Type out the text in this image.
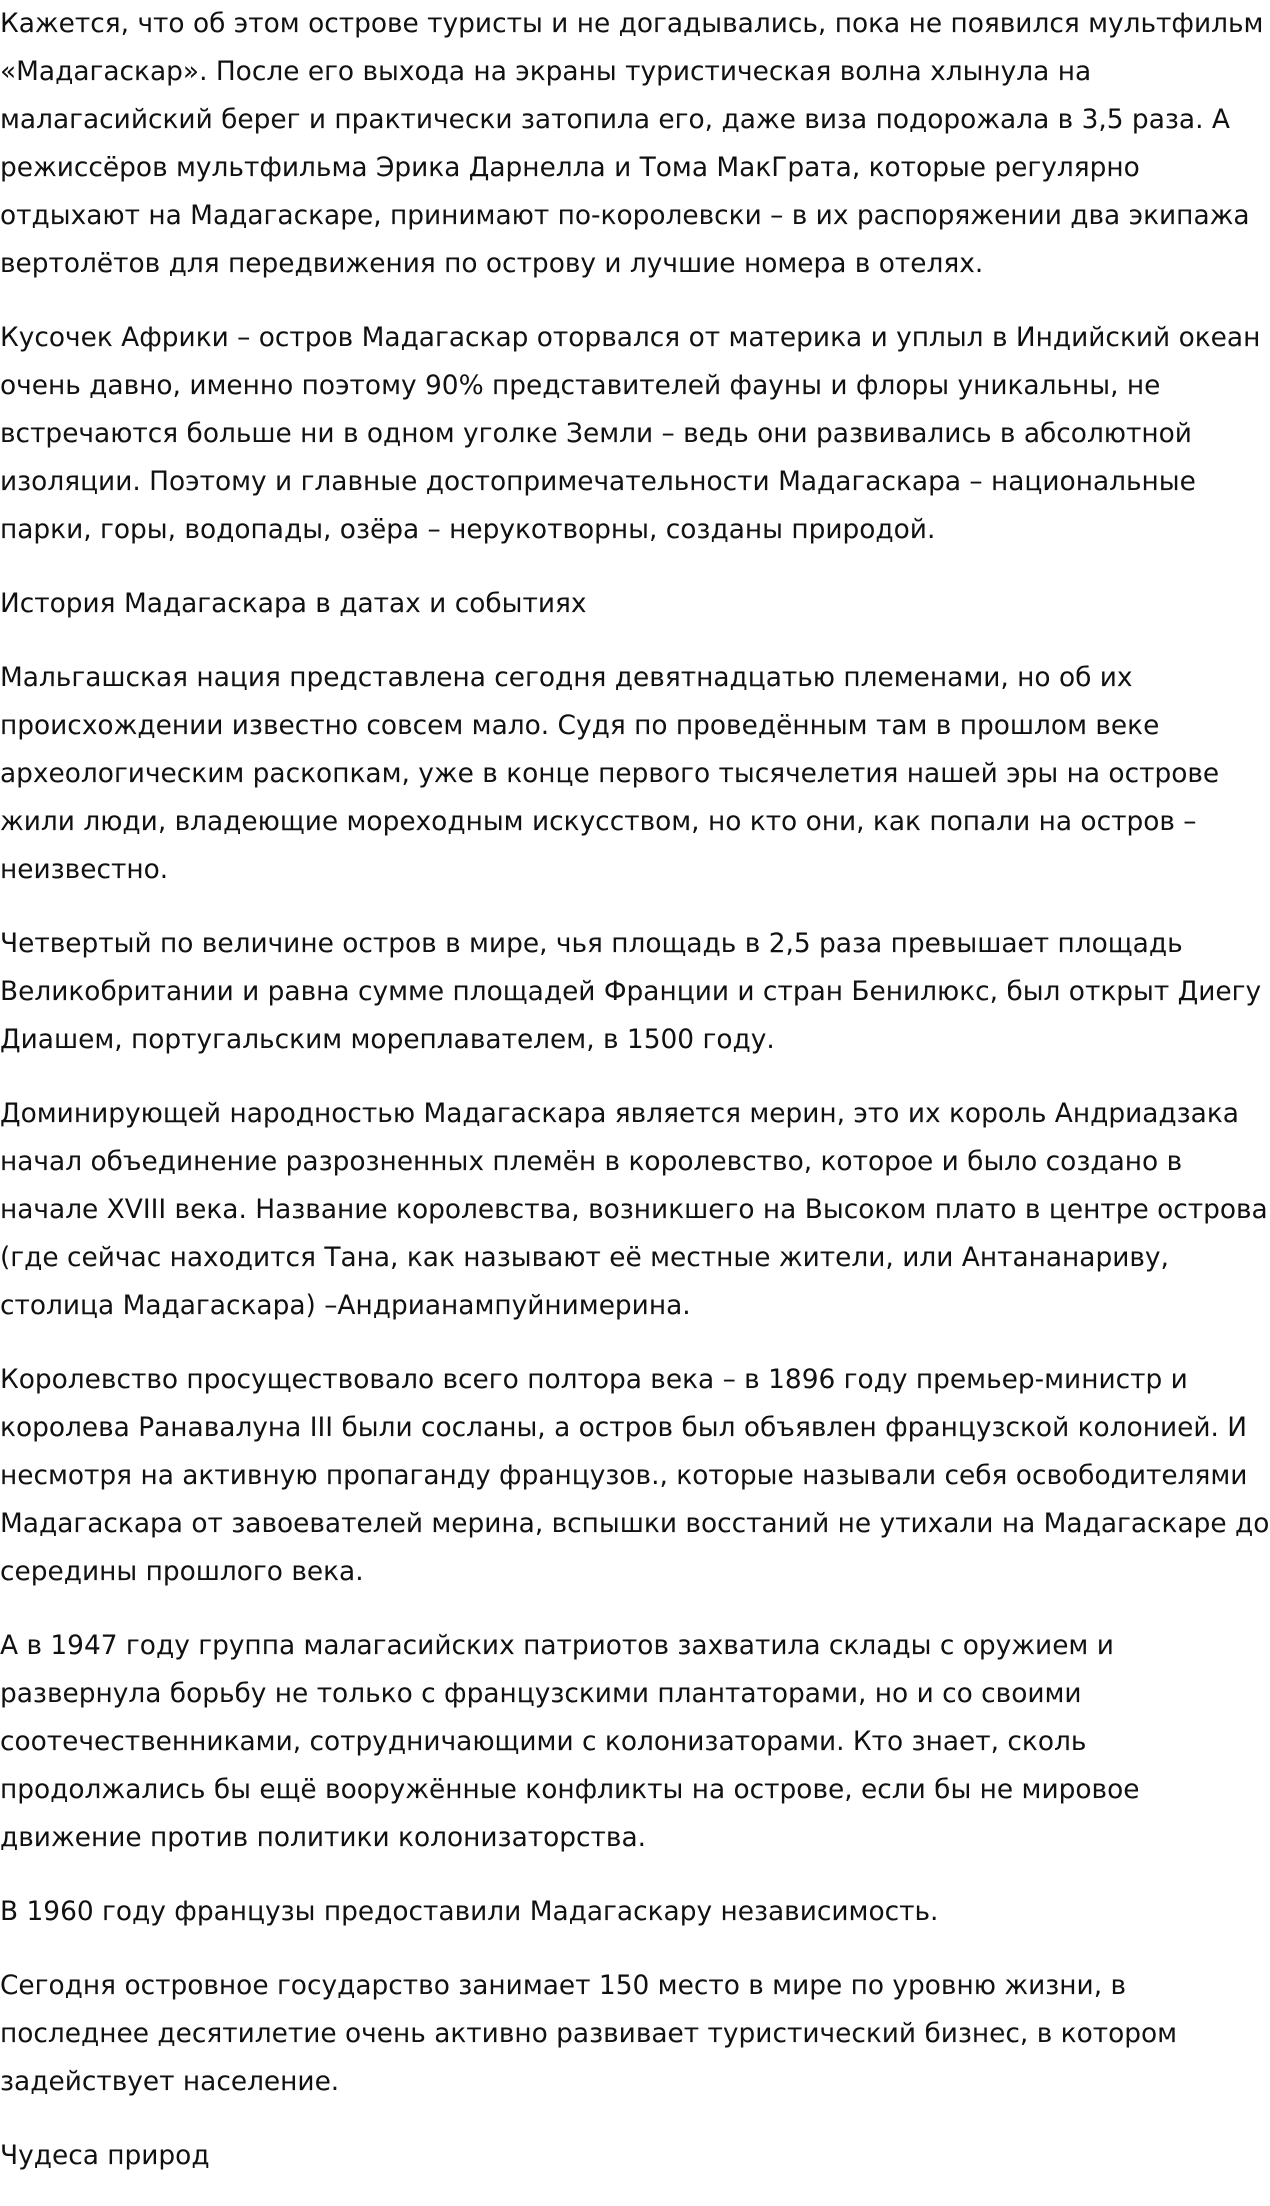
Кажется, что об этом острове туристы и не догадывались, пока не появился мультфильм «Мадагаскар». После его выхода на экраны туристическая волна хлынула на малагасийский берег и практически затопила его, даже виза подорожала в 3,5 раза. А режиссёров мультфильма Эрика Дарнелла и Тома МакГрата, которые регулярно отдыхают на Мадагаскаре, принимают по-королевски – в их распоряжении два экипажа вертолётов для передвижения по острову и лучшие номера в отелях.

Кусочек Африки – остров Мадагаскар оторвался от материка и уплыл в Индийский океан очень давно, именно поэтому 90% представителей фауны и флоры уникальны, не встречаются больше ни в одном уголке Земли – ведь они развивались в абсолютной изоляции. Поэтому и главные достопримечательности Мадагаскара – национальные парки, горы, водопады, озёра – нерукотворны, созданы природой.

История Мадагаскара в датах и событиях

Мальгашская нация представлена сегодня девятнадцатью племенами, но об их происхождении известно совсем мало. Судя по проведённым там в прошлом веке археологическим раскопкам, уже в конце первого тысячелетия нашей эры на острове жили люди, владеющие мореходным искусством, но кто они, как попали на остров – неизвестно.

Четвертый по величине остров в мире, чья площадь в 2,5 раза превышает площадь Великобритании и равна сумме площадей Франции и стран Бенилюкс, был открыт Диегу Диашем, португальским мореплавателем, в 1500 году.

Доминирующей народностью Мадагаскара является мерин, это их король Андриадзака начал объединение разрозненных племён в королевство, которое и было создано в начале XVIII века. Название королевства, возникшего на Высоком плато в центре острова (где сейчас находится Тана, как называют её местные жители, или Антананариву, столица Мадагаскара) –Андрианампуйнимерина.

Королевство просуществовало всего полтора века – в 1896 году премьер-министр и королева Ранавалуна III были сосланы, а остров был объявлен французской колонией. И несмотря на активную пропаганду французов., которые называли себя освободителями Мадагаскара от завоевателей мерина, вспышки восстаний не утихали на Мадагаскаре до середины прошлого века.

А в 1947 году группа малагасийских патриотов захватила склады с оружием и развернула борьбу не только с французскими плантаторами, но и со своими соотечественниками, сотрудничающими с колонизаторами. Кто знает, сколь продолжались бы ещё вооружённые конфликты на острове, если бы не мировое движение против политики колонизаторства.

В 1960 году французы предоставили Мадагаскару независимость.

Сегодня островное государство занимает 150 место в мире по уровню жизни, в последнее десятилетие очень активно развивает туристический бизнес, в котором задействует население.

Чудеса природ
